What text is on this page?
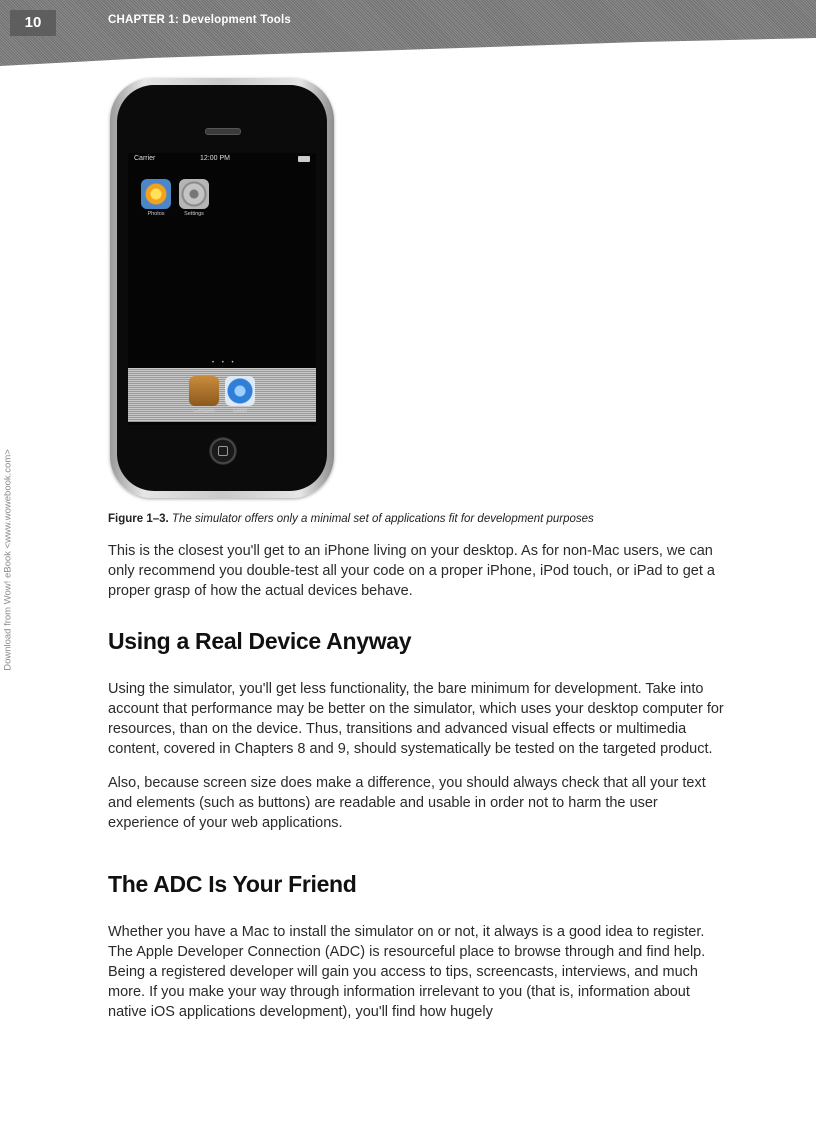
10	CHAPTER 1: Development Tools
Download from Wow! eBook <www.wowebook.com>
Carrier	12:00 PM
Photos	Settings
• • •
Contacts	Safari
Figure 1–3. The simulator offers only a minimal set of applications fit for development purposes

This is the closest you'll get to an iPhone living on your desktop. As for non-Mac users, we can only recommend you double-test all your code on a proper iPhone, iPod touch, or iPad to get a proper grasp of how the actual devices behave.

Using a Real Device Anyway

Using the simulator, you'll get less functionality, the bare minimum for development. Take into account that performance may be better on the simulator, which uses your desktop computer for resources, than on the device. Thus, transitions and advanced visual effects or multimedia content, covered in Chapters 8 and 9, should systematically be tested on the targeted product.

Also, because screen size does make a difference, you should always check that all your text and elements (such as buttons) are readable and usable in order not to harm the user experience of your web applications.

The ADC Is Your Friend

Whether you have a Mac to install the simulator on or not, it always is a good idea to register. The Apple Developer Connection (ADC) is resourceful place to browse through and find help. Being a registered developer will gain you access to tips, screencasts, interviews, and much more. If you make your way through information irrelevant to you (that is, information about native iOS applications development), you'll find how hugely
